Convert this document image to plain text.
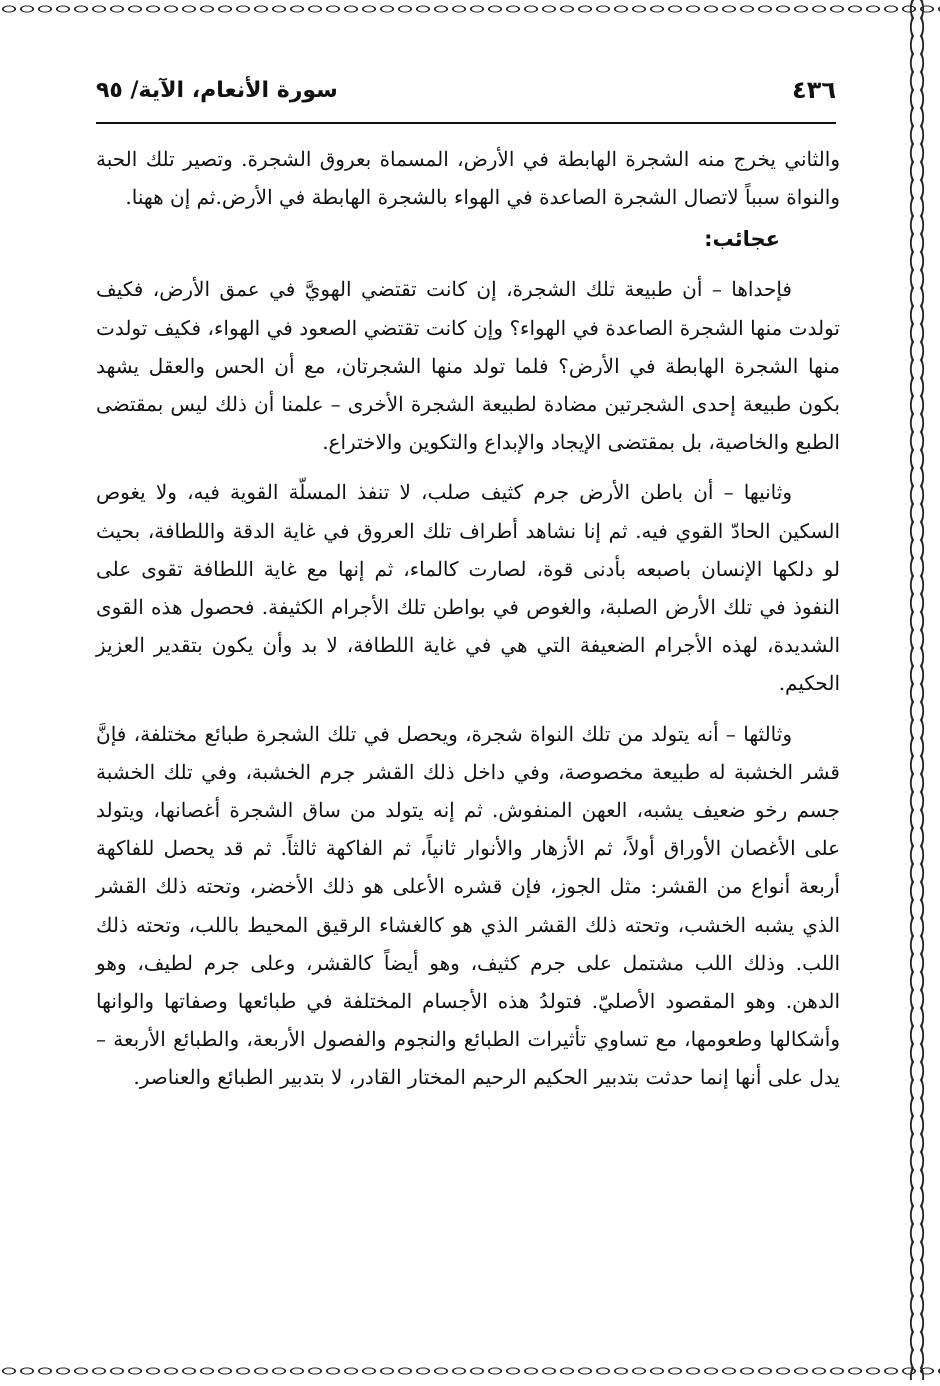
٤٣٦
سورة الأنعام، الآية/ ٩٥

والثاني يخرج منه الشجرة الهابطة في الأرض، المسماة بعروق الشجرة. وتصير تلك الحبة والنواة سبباً لاتصال الشجرة الصاعدة في الهواء بالشجرة الهابطة في الأرض.ثم إن ههنا.

عجائب:

فإحداها – أن طبيعة تلك الشجرة، إن كانت تقتضي الهويَّ في عمق الأرض، فكيف تولدت منها الشجرة الصاعدة في الهواء؟ وإن كانت تقتضي الصعود في الهواء، فكيف تولدت منها الشجرة الهابطة في الأرض؟ فلما تولد منها الشجرتان، مع أن الحس والعقل يشهد بكون طبيعة إحدى الشجرتين مضادة لطبيعة الشجرة الأخرى – علمنا أن ذلك ليس بمقتضى الطبع والخاصية، بل بمقتضى الإيجاد والإبداع والتكوين والاختراع.

وثانيها – أن باطن الأرض جرم كثيف صلب، لا تنفذ المسلّة القوية فيه، ولا يغوص السكين الحادّ القوي فيه. ثم إنا نشاهد أطراف تلك العروق في غاية الدقة واللطافة، بحيث لو دلكها الإنسان باصبعه بأدنى قوة، لصارت كالماء، ثم إنها مع غاية اللطافة تقوى على النفوذ في تلك الأرض الصلبة، والغوص في بواطن تلك الأجرام الكثيفة. فحصول هذه القوى الشديدة، لهذه الأجرام الضعيفة التي هي في غاية اللطافة، لا بد وأن يكون بتقدير العزيز الحكيم.

وثالثها – أنه يتولد من تلك النواة شجرة، ويحصل في تلك الشجرة طبائع مختلفة، فإنَّ قشر الخشبة له طبيعة مخصوصة، وفي داخل ذلك القشر جرم الخشبة، وفي تلك الخشبة جسم رخو ضعيف يشبه، العهن المنفوش. ثم إنه يتولد من ساق الشجرة أغصانها، ويتولد على الأغصان الأوراق أولاً، ثم الأزهار والأنوار ثانياً، ثم الفاكهة ثالثاً. ثم قد يحصل للفاكهة أربعة أنواع من القشر: مثل الجوز، فإن قشره الأعلى هو ذلك الأخضر، وتحته ذلك القشر الذي يشبه الخشب، وتحته ذلك القشر الذي هو كالغشاء الرقيق المحيط باللب، وتحته ذلك اللب. وذلك اللب مشتمل على جرم كثيف، وهو أيضاً كالقشر، وعلى جرم لطيف، وهو الدهن. وهو المقصود الأصليّ. فتولدُ هذه الأجسام المختلفة في طبائعها وصفاتها والوانها وأشكالها وطعومها، مع تساوي تأثيرات الطبائع والنجوم والفصول الأربعة، والطبائع الأربعة – يدل على أنها إنما حدثت بتدبير الحكيم الرحيم المختار القادر، لا بتدبير الطبائع والعناصر.
